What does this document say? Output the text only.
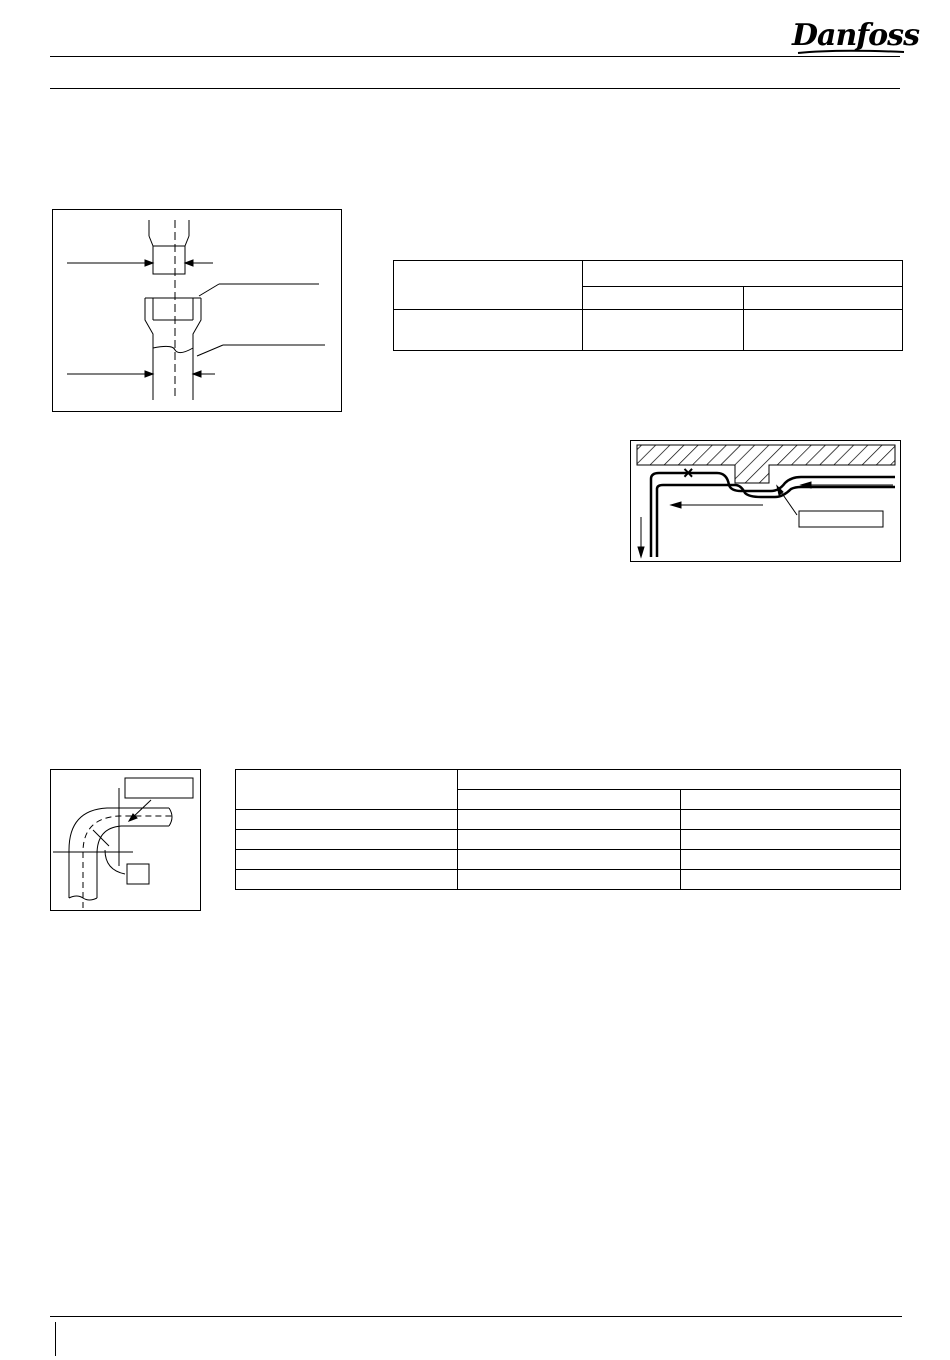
Danfoss

×
